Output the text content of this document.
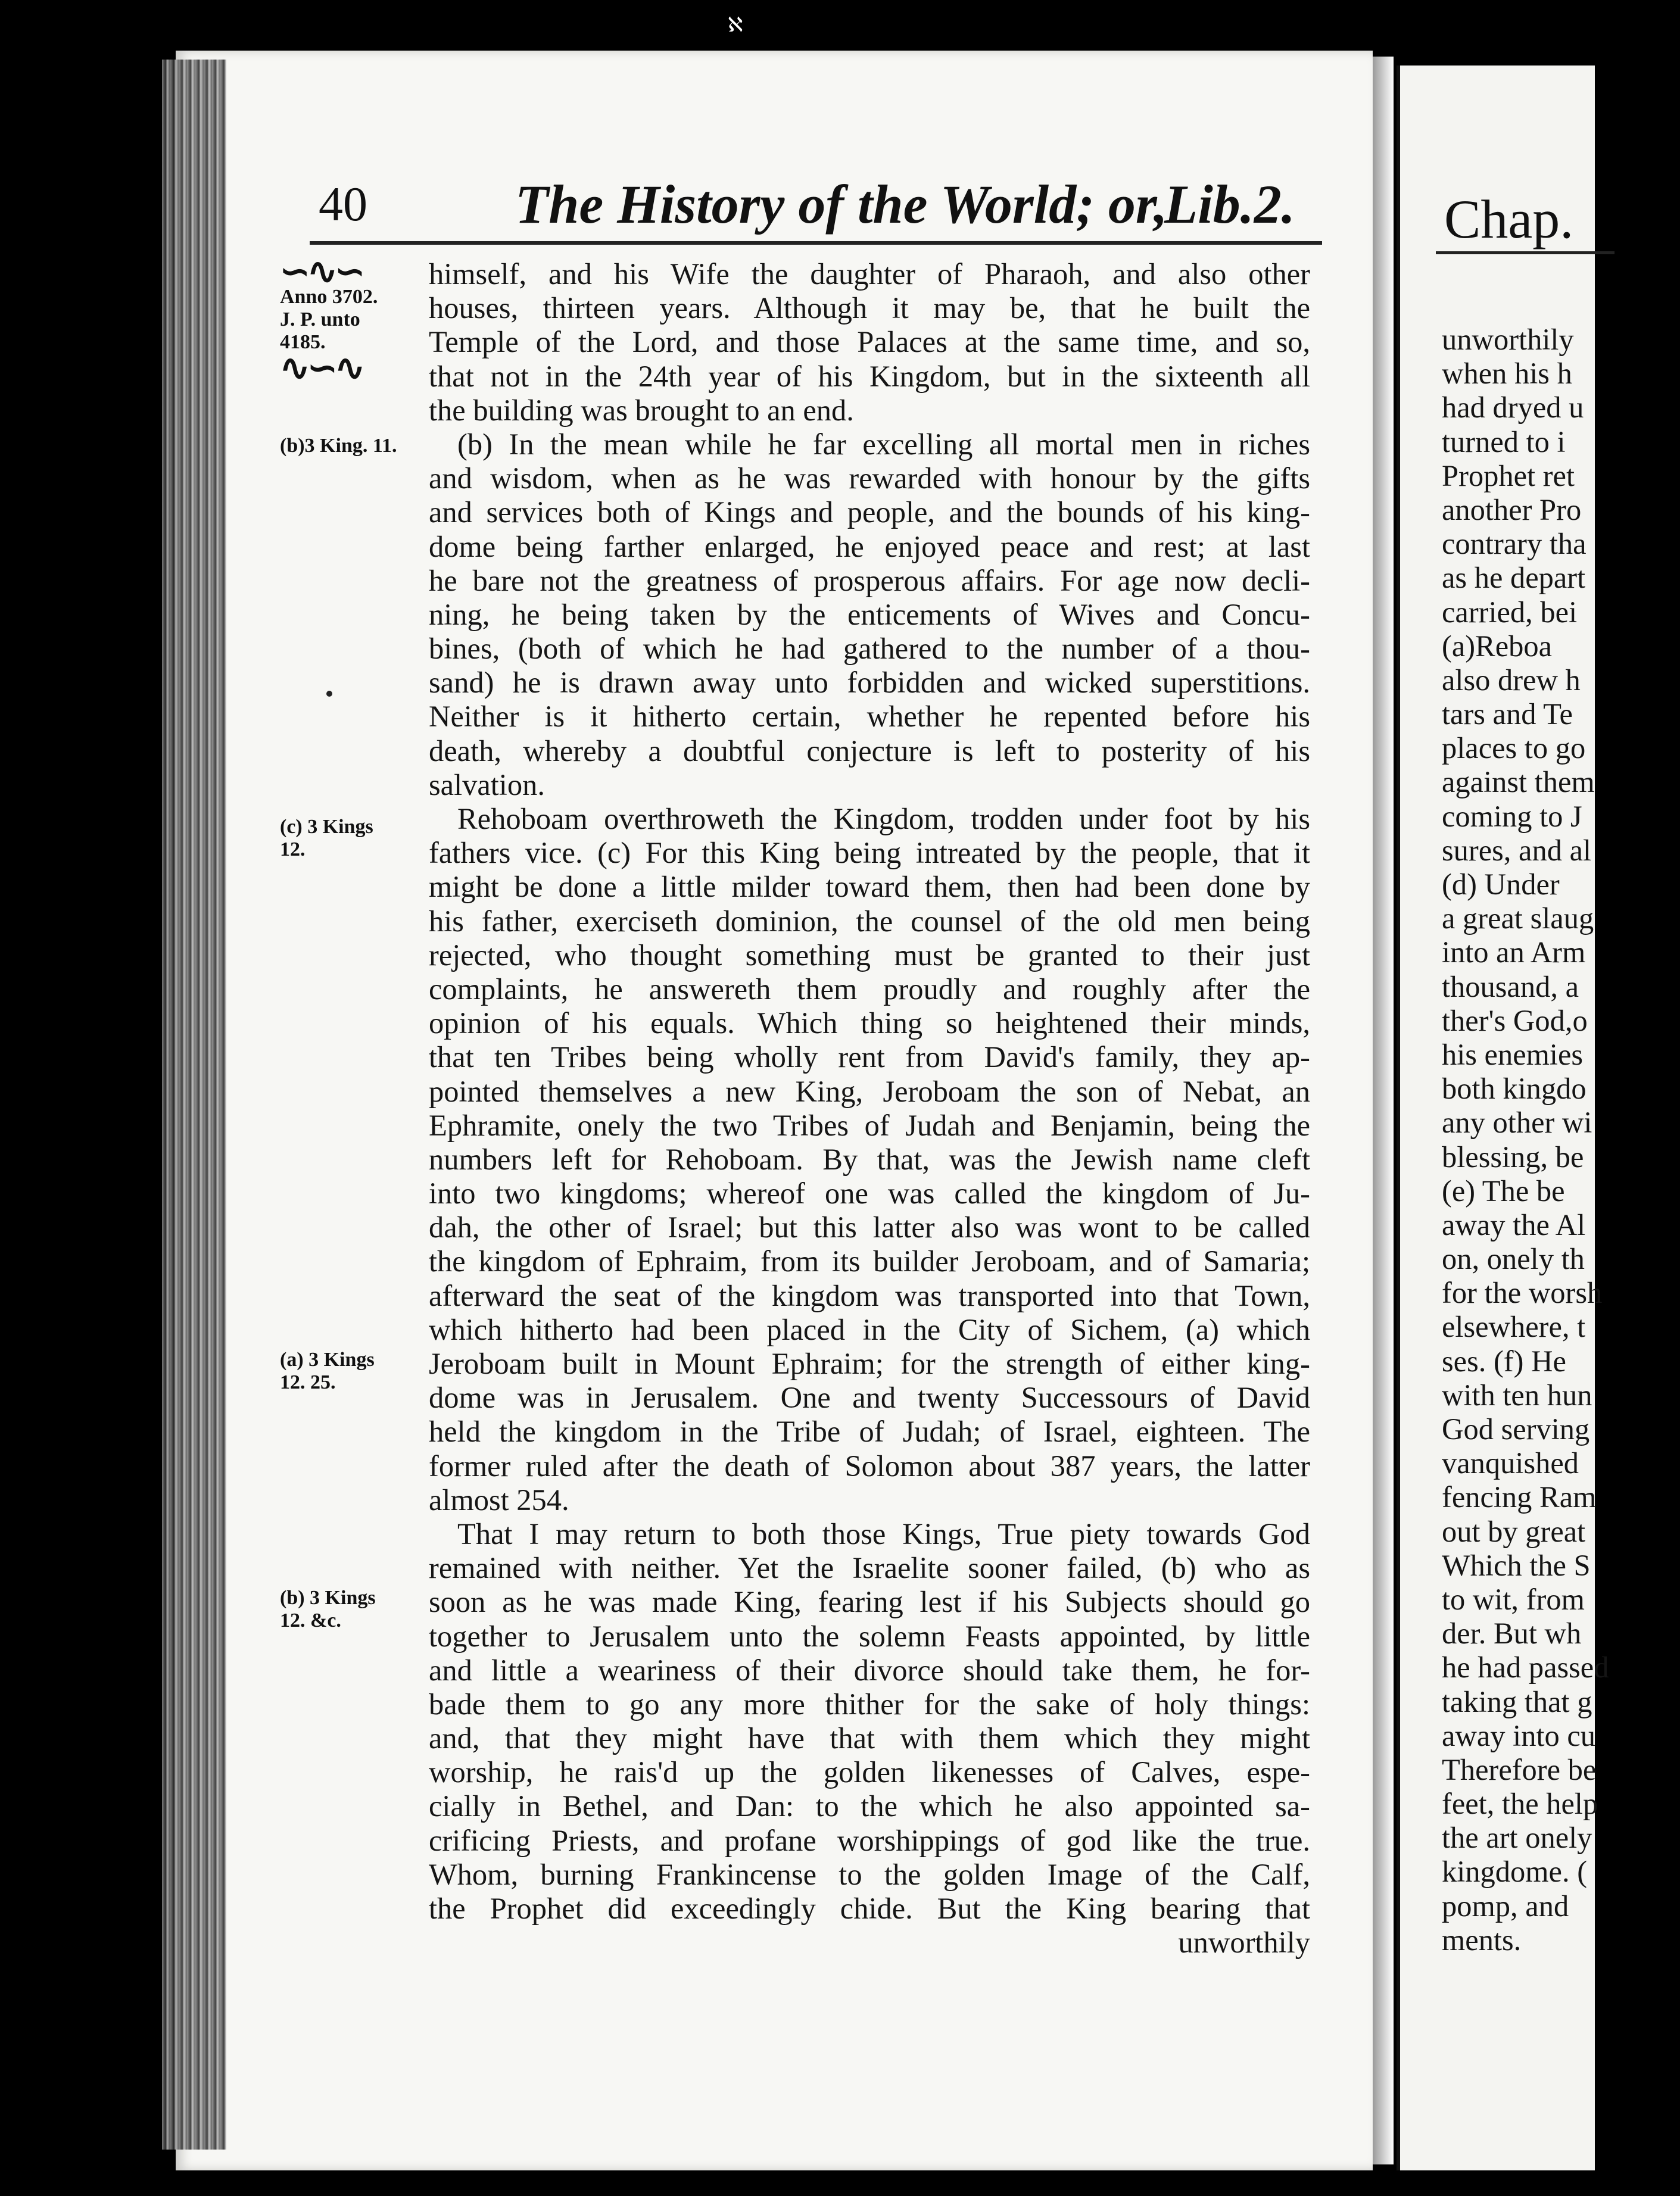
ℵ
40	The History of the World; or,
Lib.2.
∽∿∽
Anno 3702.
J. P. unto
4185.
∿∽∿
(b)3 King. 11.
(c) 3 Kings
12.
(a) 3 Kings
12. 25.
(b) 3 Kings
12. &c.
himself, and his Wife the daughter of Pharaoh, and also other
houses, thirteen years. Although it may be, that he built the
Temple of the Lord, and those Palaces at the same time, and so,
that not in the 24th year of his Kingdom, but in the sixteenth all
the building was brought to an end.
(b) In the mean while he far excelling all mortal men in riches
and wisdom, when as he was rewarded with honour by the gifts
and services both of Kings and people, and the bounds of his king-
dome being farther enlarged, he enjoyed peace and rest; at last
he bare not the greatness of prosperous affairs. For age now decli-
ning, he being taken by the enticements of Wives and Concu-
bines, (both of which he had gathered to the number of a thou-
sand) he is drawn away unto forbidden and wicked superstitions.
Neither is it hitherto certain, whether he repented before his
death, whereby a doubtful conjecture is left to posterity of his
salvation.
Rehoboam overthroweth the Kingdom, trodden under foot by his
fathers vice. (c) For this King being intreated by the people, that it
might be done a little milder toward them, then had been done by
his father, exerciseth dominion, the counsel of the old men being
rejected, who thought something must be granted to their just
complaints, he answereth them proudly and roughly after the
opinion of his equals. Which thing so heightened their minds,
that ten Tribes being wholly rent from David's family, they ap-
pointed themselves a new King, Jeroboam the son of Nebat, an
Ephramite, onely the two Tribes of Judah and Benjamin, being the
numbers left for Rehoboam. By that, was the Jewish name cleft
into two kingdoms; whereof one was called the kingdom of Ju-
dah, the other of Israel; but this latter also was wont to be called
the kingdom of Ephraim, from its builder Jeroboam, and of Samaria;
afterward the seat of the kingdom was transported into that Town,
which hitherto had been placed in the City of Sichem, (a) which
Jeroboam built in Mount Ephraim; for the strength of either king-
dome was in Jerusalem. One and twenty Successours of David
held the kingdom in the Tribe of Judah; of Israel, eighteen. The
former ruled after the death of Solomon about 387 years, the latter
almost 254.
That I may return to both those Kings, True piety towards God
remained with neither. Yet the Israelite sooner failed, (b) who as
soon as he was made King, fearing lest if his Subjects should go
together to Jerusalem unto the solemn Feasts appointed, by little
and little a weariness of their divorce should take them, he for-
bade them to go any more thither for the sake of holy things:
and, that they might have that with them which they might
worship, he rais'd up the golden likenesses of Calves, espe-
cially in Bethel, and Dan: to the which he also appointed sa-
crificing Priests, and profane worshippings of god like the true.
Whom, burning Frankincense to the golden Image of the Calf,
the Prophet did exceedingly chide. But the King bearing that
unworthily
Chap.
unworthily
when his h
had dryed u
turned to i
Prophet ret
another Pro
contrary tha
as he depart
carried, bei
(a)Reboa
also drew h
tars and Te
places to go
against them
coming to J
sures, and al
(d) Under
a great slaug
into an Arm
thousand, a
ther's God,o
his enemies
both kingdo
any other wi
blessing, be
(e) The be
away the Al
on, onely th
for the worsh
elsewhere, t
ses. (f) He
with ten hun
God serving
vanquished
fencing Ram
out by great
Which the S
to wit, from
der. But wh
he had passed
taking that g
away into cu
Therefore be
feet, the help
the art onely
kingdome. (
pomp, and
ments.
